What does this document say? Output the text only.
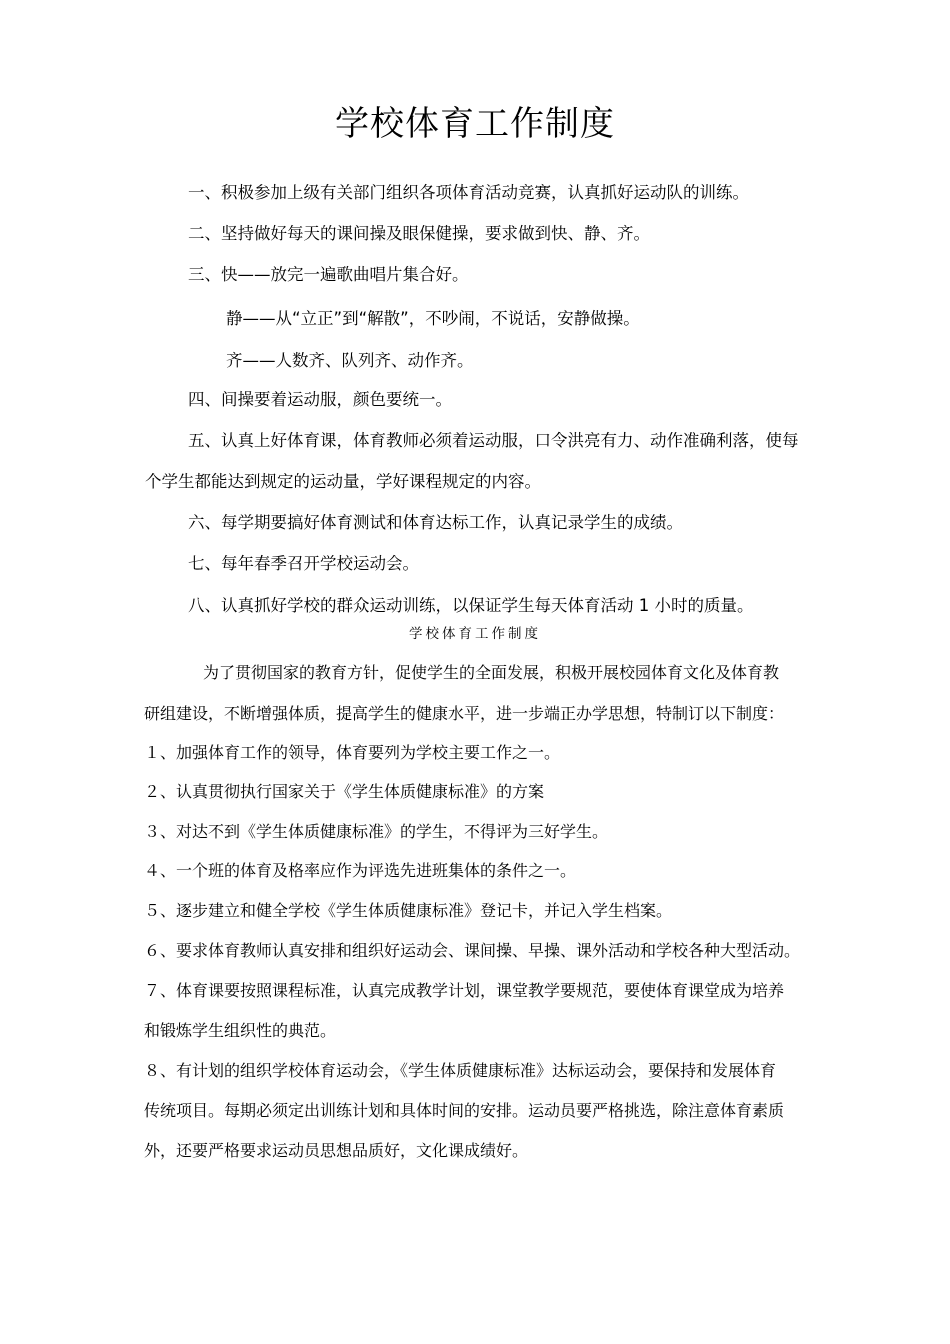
学校体育工作制度
一、积极参加上级有关部门组织各项体育活动竞赛，认真抓好运动队的训练。
二、坚持做好每天的课间操及眼保健操，要求做到快、静、齐。
三、快——放完一遍歌曲唱片集合好。
静——从“立正”到“解散”，不吵闹，不说话，安静做操。
齐——人数齐、队列齐、动作齐。
四、间操要着运动服，颜色要统一。
五、认真上好体育课，体育教师必须着运动服，口令洪亮有力、动作准确利落，使每
个学生都能达到规定的运动量，学好课程规定的内容。
六、每学期要搞好体育测试和体育达标工作，认真记录学生的成绩。
七、每年春季召开学校运动会。
八、认真抓好学校的群众运动训练，以保证学生每天体育活动 1 小时的质量。
学校体育工作制度
为了贯彻国家的教育方针，促使学生的全面发展，积极开展校园体育文化及体育教
研组建设，不断增强体质，提高学生的健康水平，进一步端正办学思想，特制订以下制度：
１、加强体育工作的领导，体育要列为学校主要工作之一。
２、认真贯彻执行国家关于《学生体质健康标准》的方案
３、对达不到《学生体质健康标准》的学生，不得评为三好学生。
４、一个班的体育及格率应作为评选先进班集体的条件之一。
５、逐步建立和健全学校《学生体质健康标准》登记卡，并记入学生档案。
６、要求体育教师认真安排和组织好运动会、课间操、早操、课外活动和学校各种大型活动。
７、体育课要按照课程标准，认真完成教学计划，课堂教学要规范，要使体育课堂成为培养
和锻炼学生组织性的典范。
８、有计划的组织学校体育运动会，《学生体质健康标准》达标运动会，要保持和发展体育
传统项目。每期必须定出训练计划和具体时间的安排。运动员要严格挑选，除注意体育素质
外，还要严格要求运动员思想品质好，文化课成绩好。
